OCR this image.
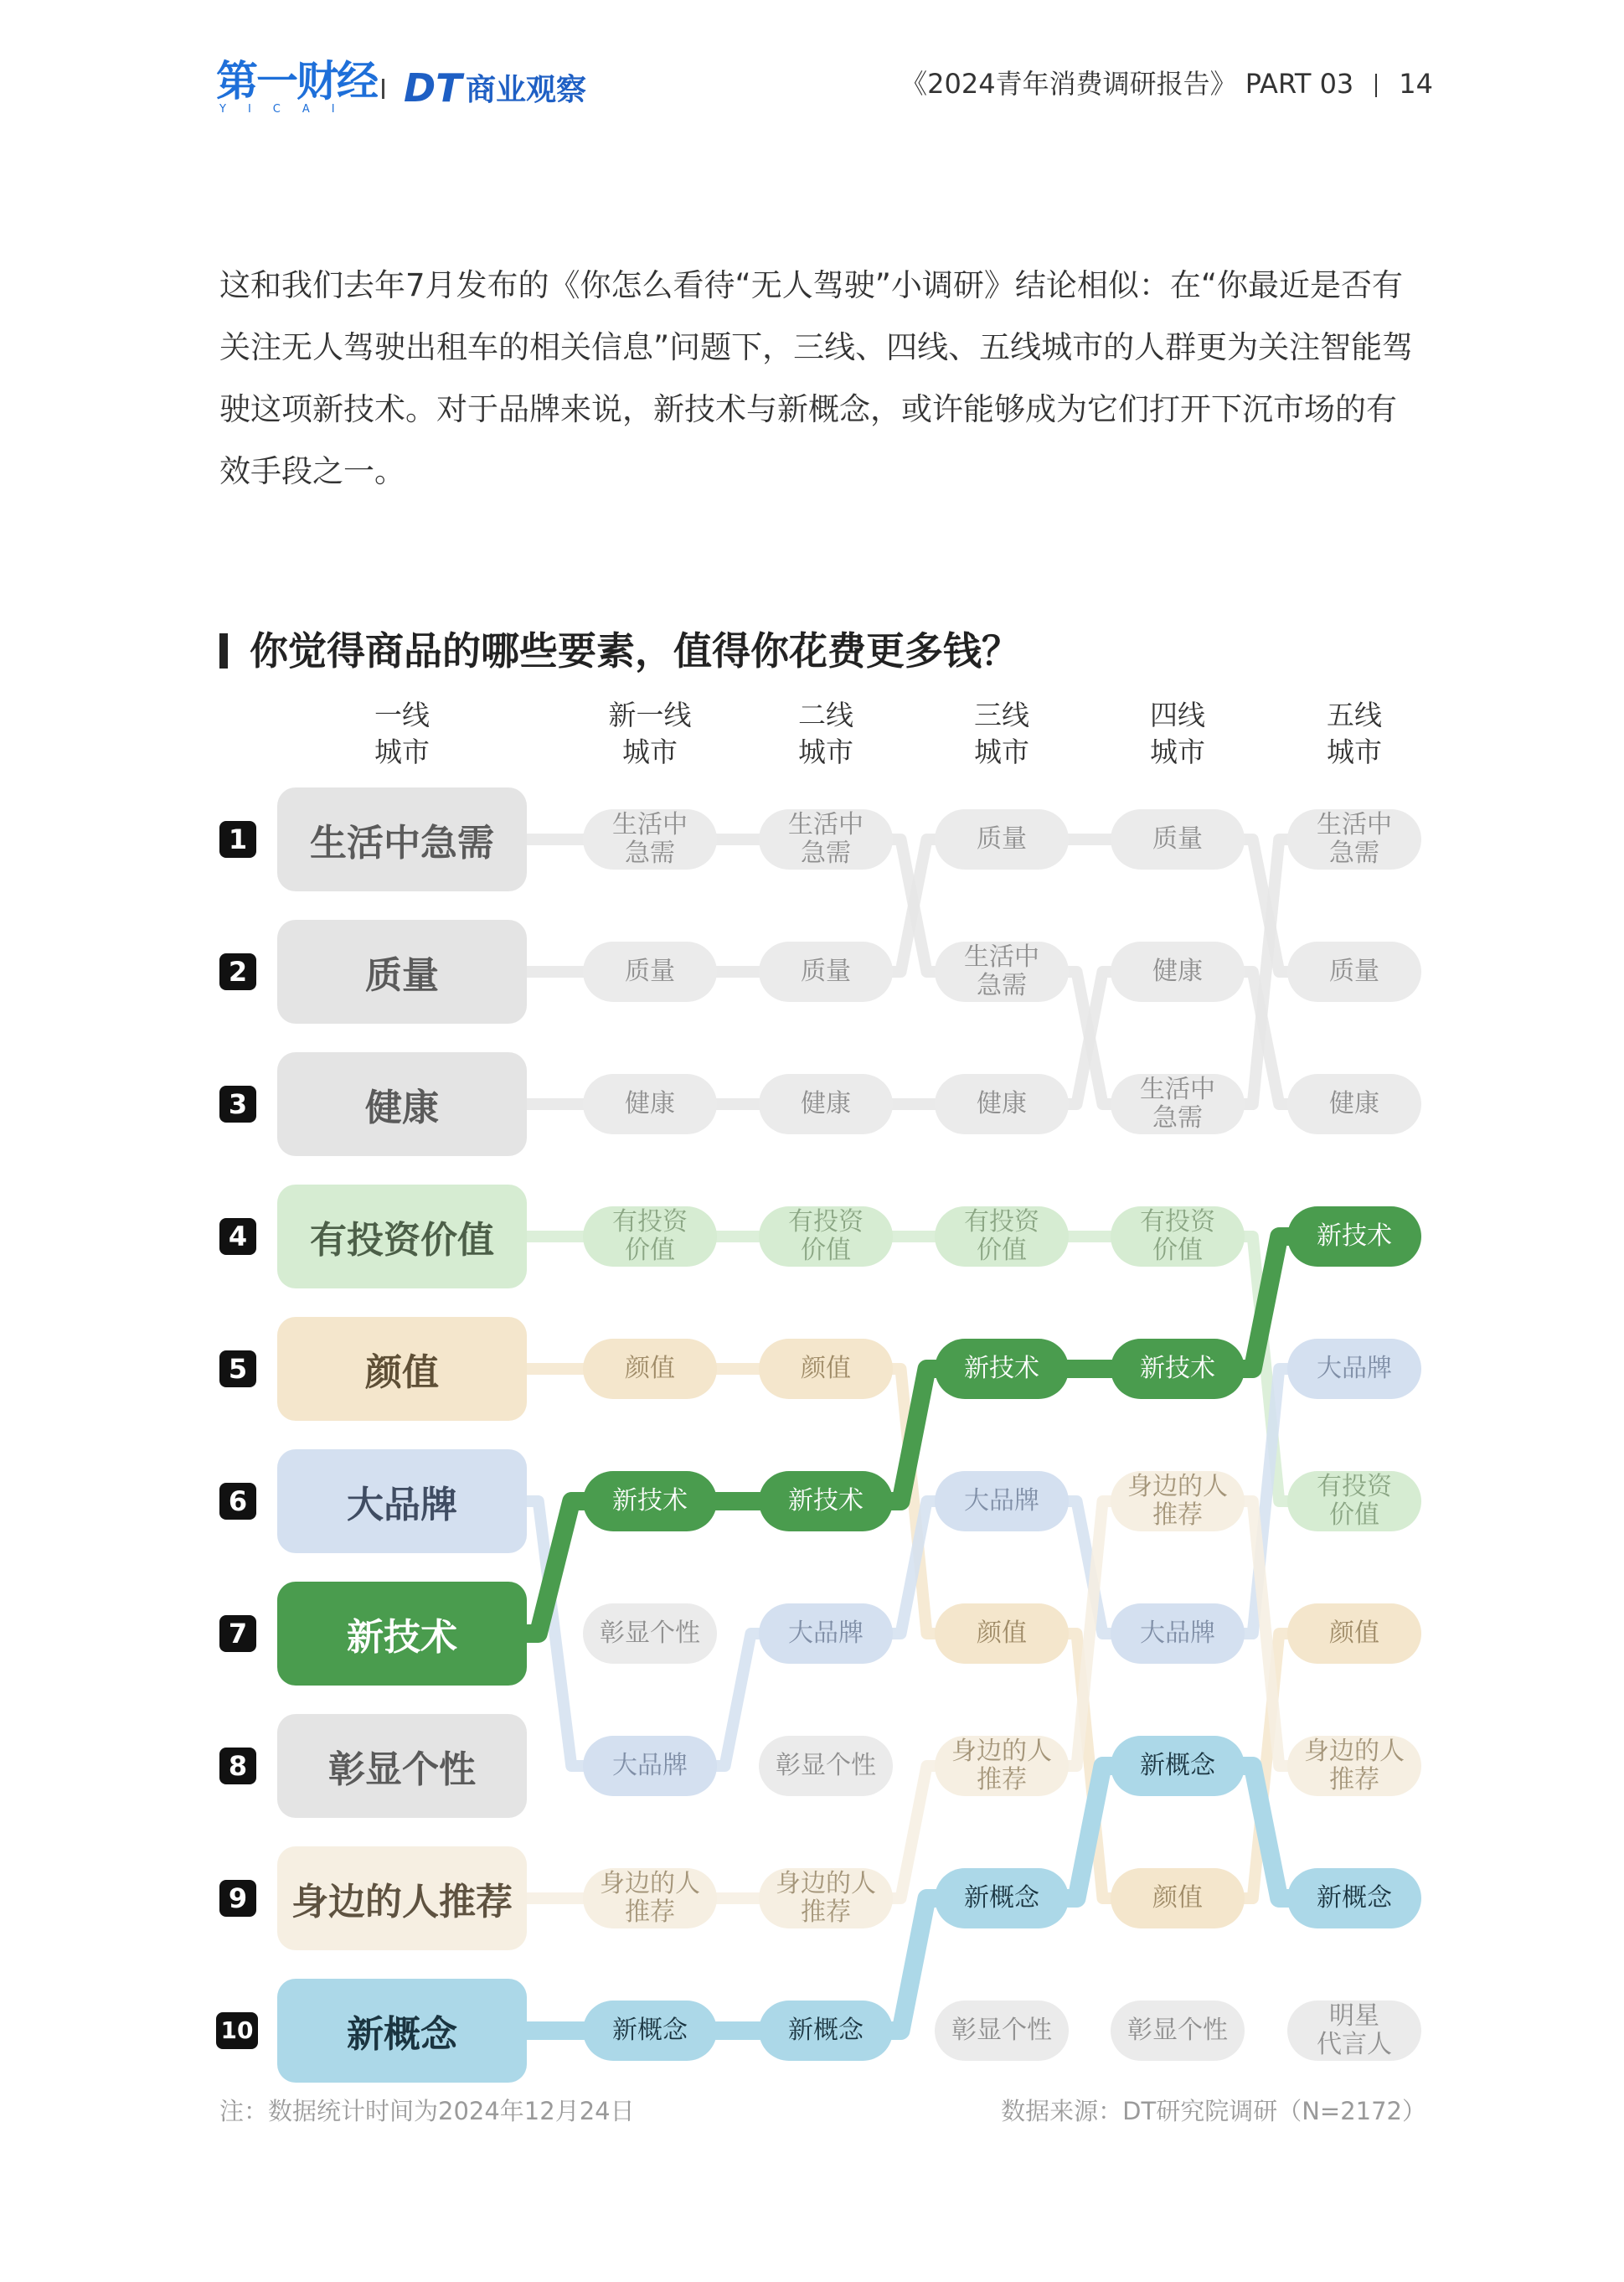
第一财经
YICAI DT 商业观察	《2024青年消费调研报告》 PART 03 14
这和我们去年7月发布的《你怎么看待“无人驾驶”小调研》结论相似：在“你最近是否有关注无人驾驶出租车的相关信息”问题下，三线、四线、五线城市的人群更为关注智能驾驶这项新技术。对于品牌来说，新技术与新概念，或许能够成为它们打开下沉市场的有效手段之一。
你觉得商品的哪些要素，值得你花费更多钱？
一线
城市
新一线
城市
二线
城市
三线
城市
四线
城市
五线
城市
1
2
3
4
5
6
7
8
9
10
生活中急需
质量
健康
有投资价值
颜值
大品牌
新技术
彰显个性
身边的人推荐
新概念
生活中
急需
质量
健康
有投资
价值
颜值
新技术
彰显个性
大品牌
身边的人
推荐
新概念
生活中
急需
质量
健康
有投资
价值
颜值
新技术
大品牌
彰显个性
身边的人
推荐
新概念
质量
生活中
急需
健康
有投资
价值
新技术
大品牌
颜值
身边的人
推荐
新概念
彰显个性
质量
健康
生活中
急需
有投资
价值
新技术
身边的人
推荐
大品牌
新概念
颜值
彰显个性
生活中
急需
质量
健康
新技术
大品牌
有投资
价值
颜值
身边的人
推荐
新概念
明星
代言人
注：数据统计时间为2024年12月24日	数据来源：DT研究院调研（N=2172）
